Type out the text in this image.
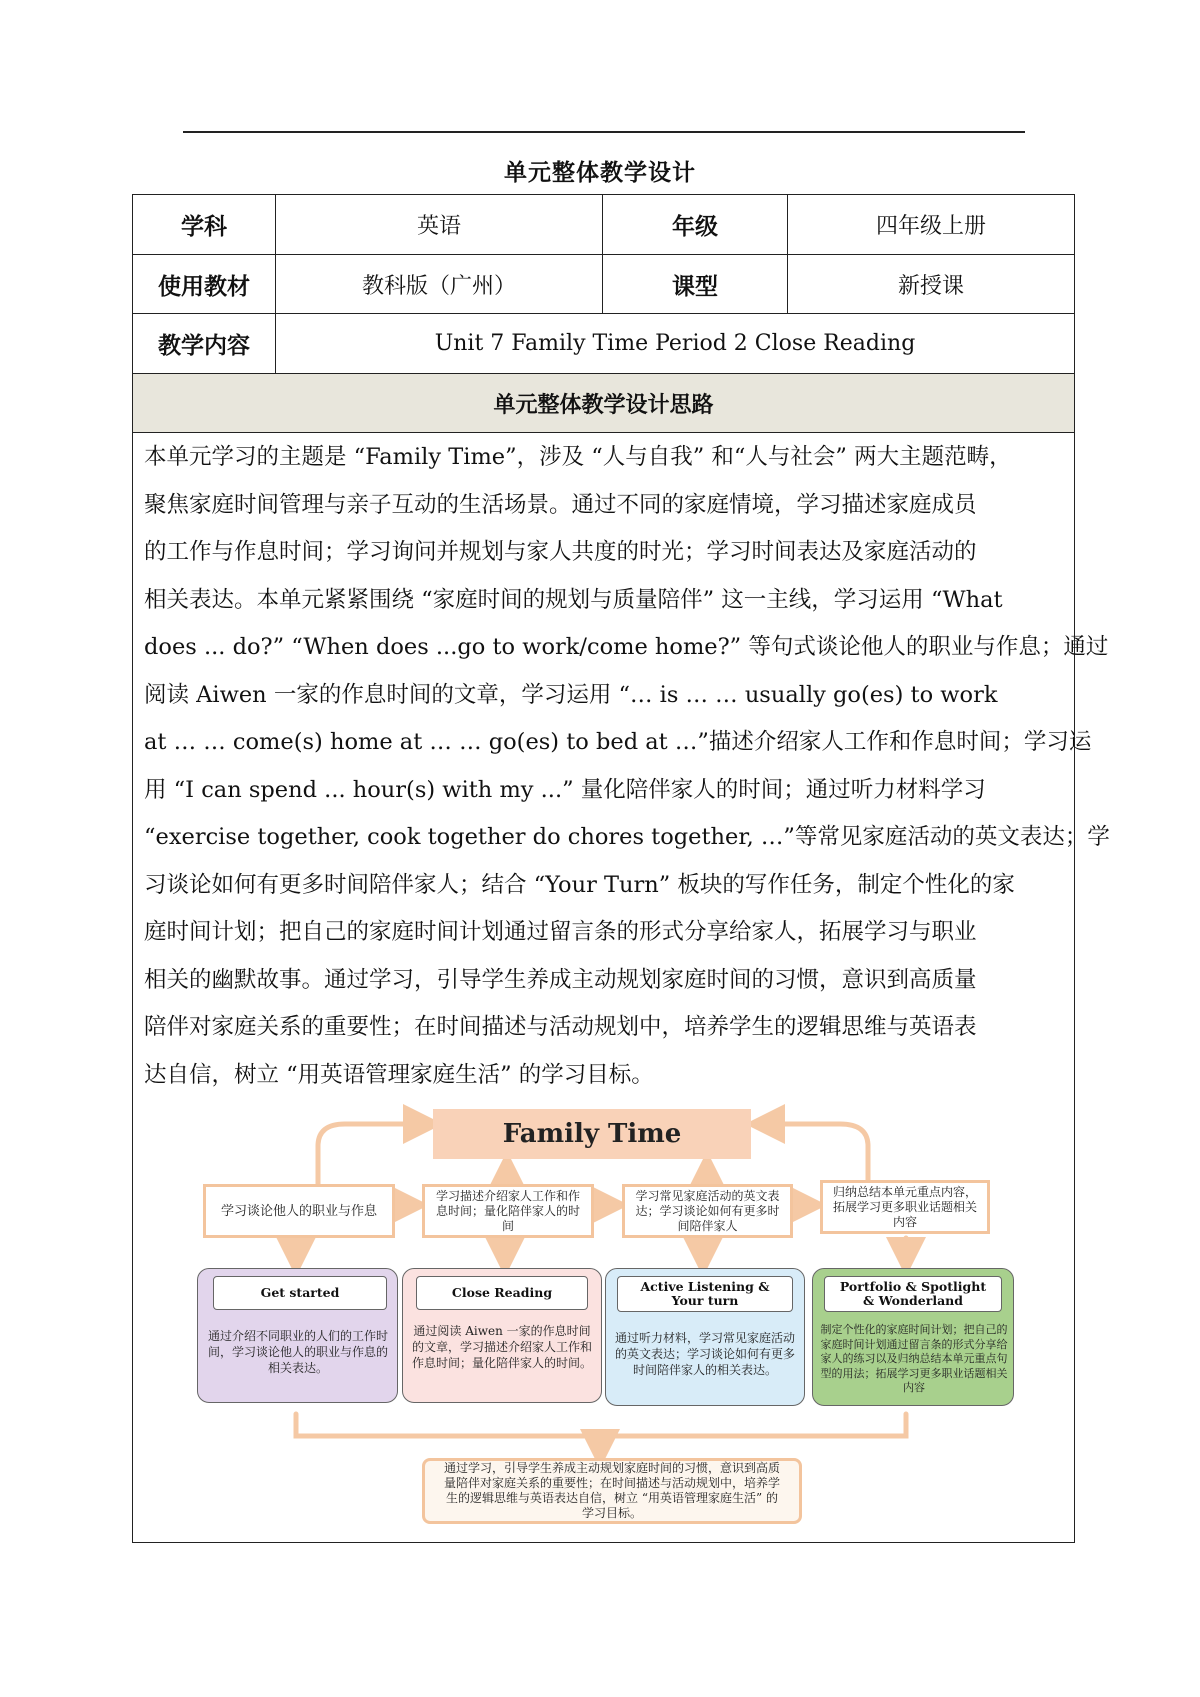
单元整体教学设计
学科	英语	年级	四年级上册
使用教材	教科版（广州）	课型	新授课
教学内容	Unit 7 Family Time Period 2 Close Reading
单元整体教学设计思路
本单元学习的主题是 “Family Time”，涉及 “人与自我” 和“人与社会” 两大主题范畴，
聚焦家庭时间管理与亲子互动的生活场景。通过不同的家庭情境，学习描述家庭成员
的工作与作息时间；学习询问并规划与家人共度的时光；学习时间表达及家庭活动的
相关表达。本单元紧紧围绕 “家庭时间的规划与质量陪伴” 这一主线，学习运用 “What
does ... do?” “When does ...go to work/come home?” 等句式谈论他人的职业与作息；通过
阅读 Aiwen 一家的作息时间的文章，学习运用 “… is … … usually go(es) to work
at … … come(s) home at … … go(es) to bed at …”描述介绍家人工作和作息时间；学习运
用 “I can spend ... hour(s) with my ...” 量化陪伴家人的时间；通过听力材料学习
“exercise together, cook together do chores together, …”等常见家庭活动的英文表达；学
习谈论如何有更多时间陪伴家人；结合 “Your Turn” 板块的写作任务，制定个性化的家
庭时间计划；把自己的家庭时间计划通过留言条的形式分享给家人，拓展学习与职业
相关的幽默故事。通过学习，引导学生养成主动规划家庭时间的习惯，意识到高质量
陪伴对家庭关系的重要性；在时间描述与活动规划中，培养学生的逻辑思维与英语表
达自信，树立 “用英语管理家庭生活” 的学习目标。
Family Time
学习谈论他人的职业与作息
学习描述介绍家人工作和作息时间；量化陪伴家人的时间
学习常见家庭活动的英文表达；学习谈论如何有更多时间陪伴家人
归纳总结本单元重点内容，拓展学习更多职业话题相关内容
Get started
通过介绍不同职业的人们的工作时间，学习谈论他人的职业与作息的相关表达。
Close Reading
通过阅读 Aiwen 一家的作息时间的文章，学习描述介绍家人工作和作息时间；量化陪伴家人的时间。
Active Listening & Your turn
通过听力材料，学习常见家庭活动的英文表达；学习谈论如何有更多时间陪伴家人的相关表达。
Portfolio & Spotlight & Wonderland
制定个性化的家庭时间计划；把自己的家庭时间计划通过留言条的形式分享给家人的练习以及归纳总结本单元重点句型的用法；拓展学习更多职业话题相关内容
通过学习，引导学生养成主动规划家庭时间的习惯，意识到高质量陪伴对家庭关系的重要性；在时间描述与活动规划中，培养学生的逻辑思维与英语表达自信，树立 “用英语管理家庭生活” 的学习目标。
